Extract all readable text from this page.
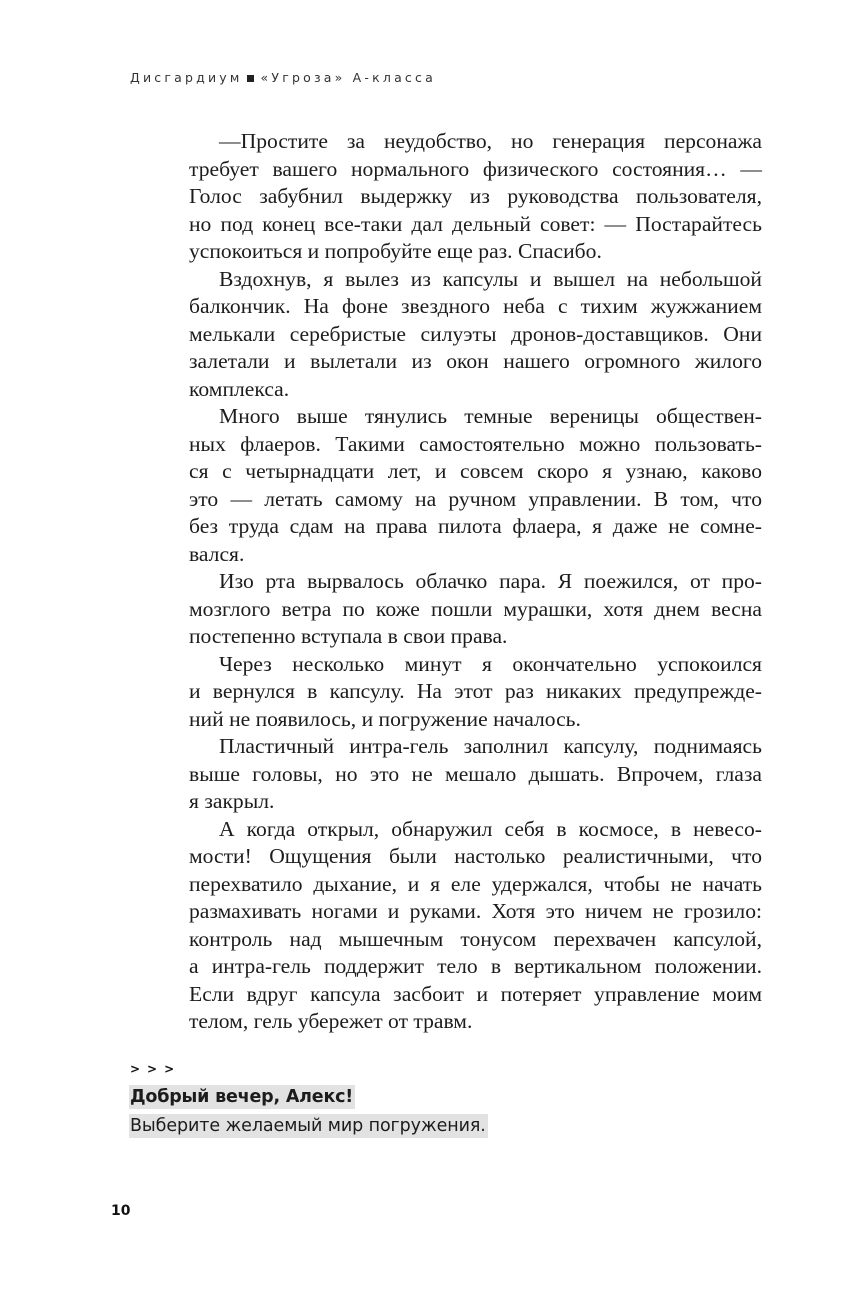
Дисгардиум «Угроза» А-класса

—Простите за неудобство, но генерация персонажа
требует вашего нормального физического состояния… —
Голос забубнил выдержку из руководства пользователя,
но под конец все-таки дал дельный совет: — Постарайтесь
успокоиться и попробуйте еще раз. Спасибо.

Вздохнув, я вылез из капсулы и вышел на небольшой
балкончик. На фоне звездного неба с тихим жужжанием
мелькали серебристые силуэты дронов-доставщиков. Они
залетали и вылетали из окон нашего огромного жилого
комплекса.

Много выше тянулись темные вереницы обществен-
ных флаеров. Такими самостоятельно можно пользовать-
ся с четырнадцати лет, и совсем скоро я узнаю, каково
это — летать самому на ручном управлении. В том, что
без труда сдам на права пилота флаера, я даже не сомне-
вался.

Изо рта вырвалось облачко пара. Я поежился, от про-
мозглого ветра по коже пошли мурашки, хотя днем весна
постепенно вступала в свои права.

Через несколько минут я окончательно успокоился
и вернулся в капсулу. На этот раз никаких предупрежде-
ний не появилось, и погружение началось.

Пластичный интра-гель заполнил капсулу, поднимаясь
выше головы, но это не мешало дышать. Впрочем, глаза
я закрыл.

А когда открыл, обнаружил себя в космосе, в невесо-
мости! Ощущения были настолько реалистичными, что
перехватило дыхание, и я еле удержался, чтобы не начать
размахивать ногами и руками. Хотя это ничем не грозило:
контроль над мышечным тонусом перехвачен капсулой,
а интра-гель поддержит тело в вертикальном положении.
Если вдруг капсула засбоит и потеряет управление моим
телом, гель убережет от травм.

>>>
Добрый вечер, Алекс!
Выберите желаемый мир погружения.
10
